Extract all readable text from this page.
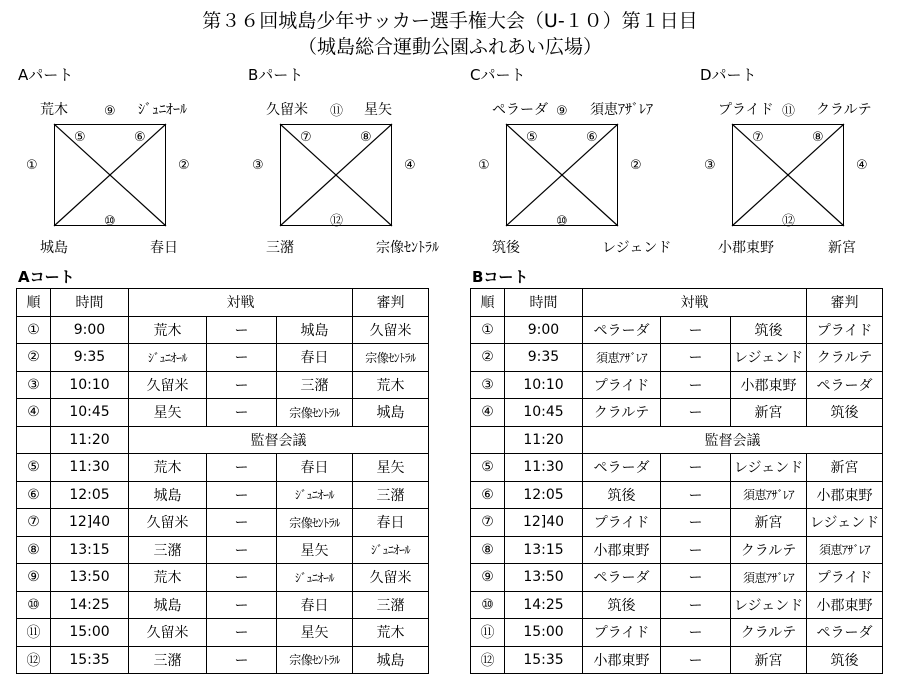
第３６回城島少年サッカー選手権大会（U-１０）第１日目
（城島総合運動公園ふれあい広場）
Aパート	Bパート	Cパート	Dパート
荒木	ｼﾞｭﾆｵｰﾙ
城島	春日
⑨
⑤	⑥
①	②
⑩
久留米	星矢
三潴	宗像ｾﾝﾄﾗﾙ
⑪
⑦	⑧
③	④
⑫
ペラーダ	須恵ｱｻﾞﾚｱ
筑後	レジェンド
⑨
⑤	⑥
①	②
⑩
プライド	クラルテ
小郡東野	新宮
⑪
⑦	⑧
③	④
⑫
Aコート	Bコート
順	時間	対戦			審判
①	9:00	荒木	ー	城島	久留米
②	9:35	ｼﾞｭﾆｵｰﾙ	ー	春日	宗像ｾﾝﾄﾗﾙ
③	10:10	久留米	ー	三潴	荒木
④	10:45	星矢	ー	宗像ｾﾝﾄﾗﾙ	城島
	11:20	監督会議			
⑤	11:30	荒木	ー	春日	星矢
⑥	12:05	城島	ー	ｼﾞｭﾆｵｰﾙ	三潴
⑦	12]40	久留米	ー	宗像ｾﾝﾄﾗﾙ	春日
⑧	13:15	三潴	ー	星矢	ｼﾞｭﾆｵｰﾙ
⑨	13:50	荒木	ー	ｼﾞｭﾆｵｰﾙ	久留米
⑩	14:25	城島	ー	春日	三潴
⑪	15:00	久留米	ー	星矢	荒木
⑫	15:35	三潴	ー	宗像ｾﾝﾄﾗﾙ	城島
順	時間	対戦			審判
①	9:00	ペラーダ	ー	筑後	プライド
②	9:35	須恵ｱｻﾞﾚｱ	ー	レジェンド	クラルテ
③	10:10	プライド	ー	小郡東野	ペラーダ
④	10:45	クラルテ	ー	新宮	筑後
	11:20	監督会議			
⑤	11:30	ペラーダ	ー	レジェンド	新宮
⑥	12:05	筑後	ー	須恵ｱｻﾞﾚｱ	小郡東野
⑦	12]40	プライド	ー	新宮	レジェンド
⑧	13:15	小郡東野	ー	クラルテ	須恵ｱｻﾞﾚｱ
⑨	13:50	ペラーダ	ー	須恵ｱｻﾞﾚｱ	プライド
⑩	14:25	筑後	ー	レジェンド	小郡東野
⑪	15:00	プライド	ー	クラルテ	ペラーダ
⑫	15:35	小郡東野	ー	新宮	筑後
